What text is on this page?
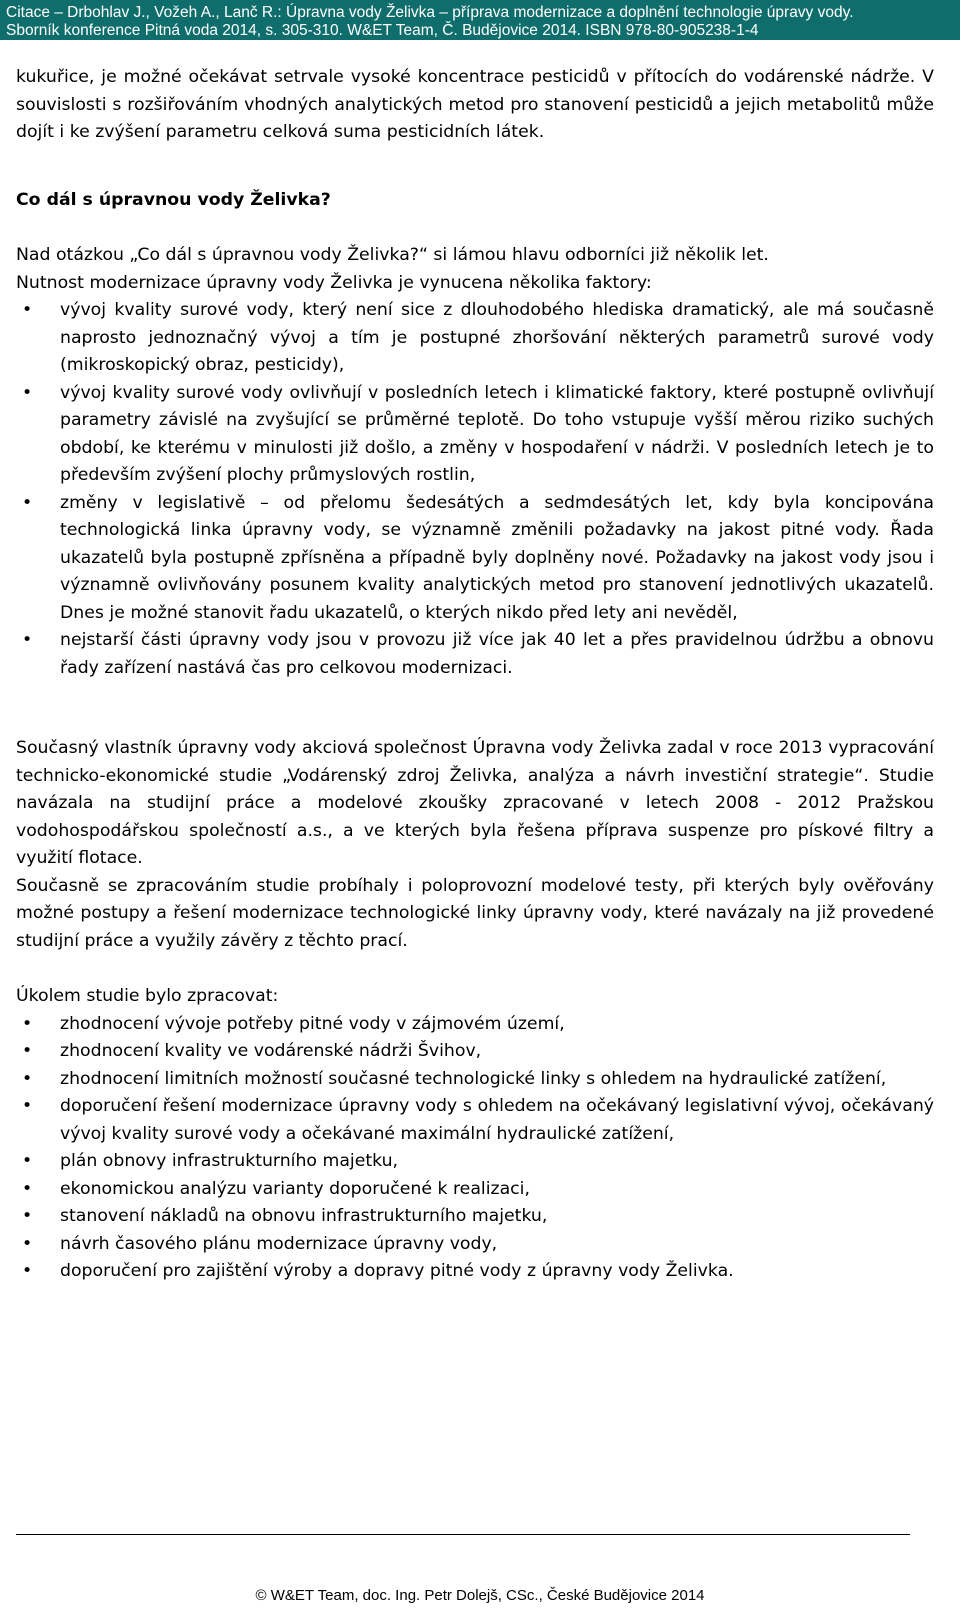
Citace – Drbohlav J., Vožeh A., Lanč R.: Úpravna vody Želivka – příprava modernizace a doplnění technologie úpravy vody.
Sborník konference Pitná voda 2014, s. 305-310. W&ET Team, Č. Budějovice 2014. ISBN 978-80-905238-1-4

kukuřice, je možné očekávat setrvale vysoké koncentrace pesticidů v přítocích do vodárenské nádrže. V souvislosti s rozšiřováním vhodných analytických metod pro stanovení pesticidů a jejich metabolitů může dojít i ke zvýšení parametru celková suma pesticidních látek.

Co dál s úpravnou vody Želivka?

Nad otázkou „Co dál s úpravnou vody Želivka?“ si lámou hlavu odborníci již několik let.

Nutnost modernizace úpravny vody Želivka je vynucena několika faktory:

• vývoj kvality surové vody, který není sice z dlouhodobého hlediska dramatický, ale má současně naprosto jednoznačný vývoj a tím je postupné zhoršování některých parametrů surové vody (mikroskopický obraz, pesticidy),
• vývoj kvality surové vody ovlivňují v posledních letech i klimatické faktory, které postupně ovlivňují parametry závislé na zvyšující se průměrné teplotě. Do toho vstupuje vyšší měrou riziko suchých období, ke kterému v minulosti již došlo, a změny v hospodaření v nádrži. V posledních letech je to především zvýšení plochy průmyslových rostlin,
• změny v legislativě – od přelomu šedesátých a sedmdesátých let, kdy byla koncipována technologická linka úpravny vody, se významně změnili požadavky na jakost pitné vody. Řada ukazatelů byla postupně zpřísněna a případně byly doplněny nové. Požadavky na jakost vody jsou i významně ovlivňovány posunem kvality analytických metod pro stanovení jednotlivých ukazatelů. Dnes je možné stanovit řadu ukazatelů, o kterých nikdo před lety ani nevěděl,
• nejstarší části úpravny vody jsou v provozu již více jak 40 let a přes pravidelnou údržbu a obnovu řady zařízení nastává čas pro celkovou modernizaci.

Současný vlastník úpravny vody akciová společnost Úpravna vody Želivka zadal v roce 2013 vypracování technicko-ekonomické studie „Vodárenský zdroj Želivka, analýza a návrh investiční strategie“. Studie navázala na studijní práce a modelové zkoušky zpracované v letech 2008 - 2012 Pražskou vodohospodářskou společností a.s., a ve kterých byla řešena příprava suspenze pro pískové filtry a využití flotace.

Současně se zpracováním studie probíhaly i poloprovozní modelové testy, při kterých byly ověřovány možné postupy a řešení modernizace technologické linky úpravny vody, které navázaly na již provedené studijní práce a využily závěry z těchto prací.

Úkolem studie bylo zpracovat:

• zhodnocení vývoje potřeby pitné vody v zájmovém území,
• zhodnocení kvality ve vodárenské nádrži Švihov,
• zhodnocení limitních možností současné technologické linky s ohledem na hydraulické zatížení,
• doporučení řešení modernizace úpravny vody s ohledem na očekávaný legislativní vývoj, očekávaný vývoj kvality surové vody a očekávané maximální hydraulické zatížení,
• plán obnovy infrastrukturního majetku,
• ekonomickou analýzu varianty doporučené k realizaci,
• stanovení nákladů na obnovu infrastrukturního majetku,
• návrh časového plánu modernizace úpravny vody,
• doporučení pro zajištění výroby a dopravy pitné vody z úpravny vody Želivka.
© W&ET Team, doc. Ing. Petr Dolejš, CSc., České Budějovice 2014
